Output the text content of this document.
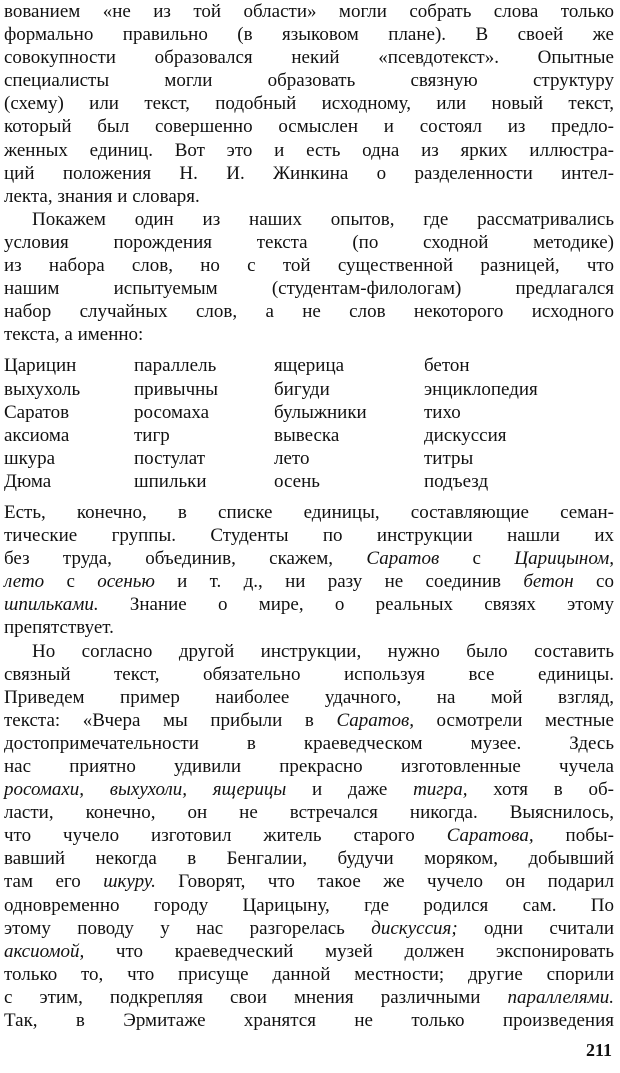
вованием «не из той области» могли собрать слова только
формально правильно (в языковом плане). В своей же
совокупности образовался некий «псевдотекст». Опытные
специалисты могли образовать связную структуру
(схему) или текст, подобный исходному, или новый текст,
который был совершенно осмыслен и состоял из предло-
женных единиц. Вот это и есть одна из ярких иллюстра-
ций положения Н. И. Жинкина о разделенности интел-
лекта, знания и словаря.
Покажем один из наших опытов, где рассматривались
условия порождения текста (по сходной методике)
из набора слов, но с той существенной разницей, что
нашим испытуемым (студентам-филологам) предлагался
набор случайных слов, а не слов некоторого исходного
текста, а именно:
Царицин	параллель	ящерица	бетон
выхухоль	привычны	бигуди	энциклопедия
Саратов	росомаха	булыжники	тихо
аксиома	тигр	вывеска	дискуссия
шкура	постулат	лето	титры
Дюма	шпильки	осень	подъезд
Есть, конечно, в списке единицы, составляющие семан-
тические группы. Студенты по инструкции нашли их
без труда, объединив, скажем, Саратов с Царицыном,
лето с осенью и т. д., ни разу не соединив бетон со
шпильками. Знание о мире, о реальных связях этому
препятствует.
Но согласно другой инструкции, нужно было составить
связный текст, обязательно используя все единицы.
Приведем пример наиболее удачного, на мой взгляд,
текста: «Вчера мы прибыли в Саратов, осмотрели местные
достопримечательности в краеведческом музее. Здесь
нас приятно удивили прекрасно изготовленные чучела
росомахи, выхухоли, ящерицы и даже тигра, хотя в об-
ласти, конечно, он не встречался никогда. Выяснилось,
что чучело изготовил житель старого Саратова, побы-
вавший некогда в Бенгалии, будучи моряком, добывший
там его шкуру. Говорят, что такое же чучело он подарил
одновременно городу Царицыну, где родился сам. По
этому поводу у нас разгорелась дискуссия; одни считали
аксиомой, что краеведческий музей должен экспонировать
только то, что присуще данной местности; другие спорили
с этим, подкрепляя свои мнения различными параллелями.
Так, в Эрмитаже хранятся не только произведения
211
